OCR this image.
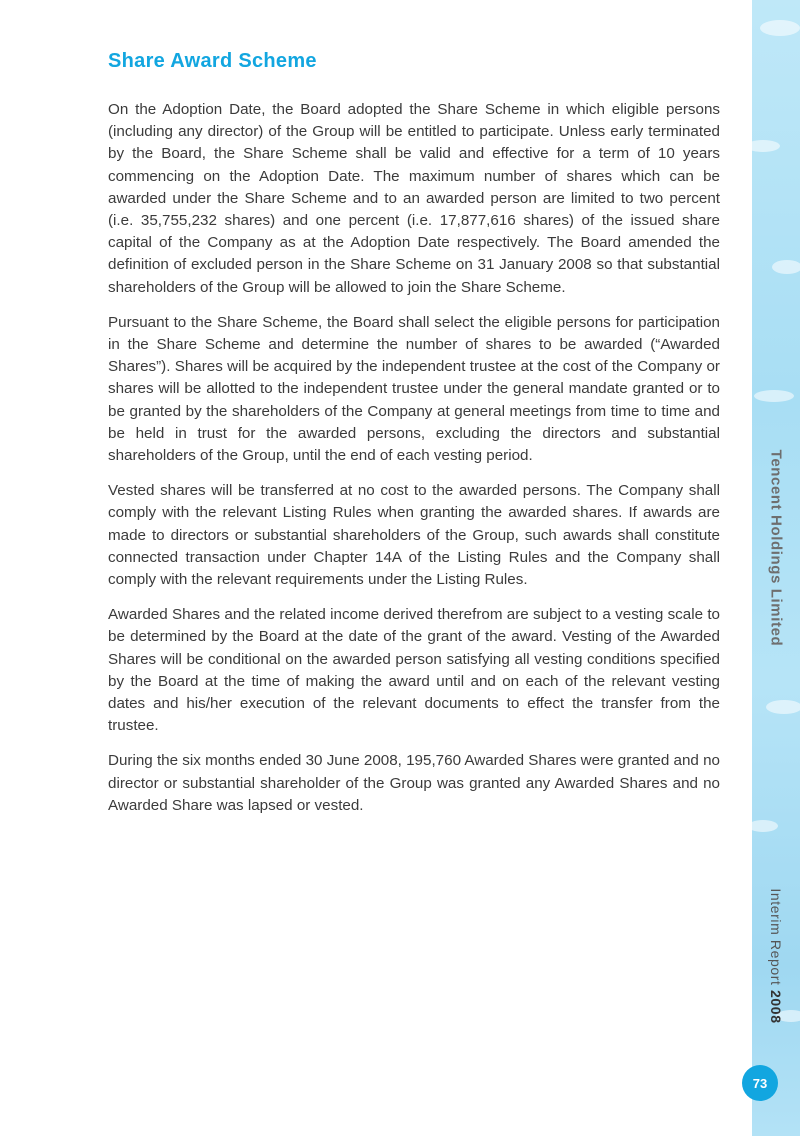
Share Award Scheme

On the Adoption Date, the Board adopted the Share Scheme in which eligible persons (including any director) of the Group will be entitled to participate. Unless early terminated by the Board, the Share Scheme shall be valid and effective for a term of 10 years commencing on the Adoption Date. The maximum number of shares which can be awarded under the Share Scheme and to an awarded person are limited to two percent (i.e. 35,755,232 shares) and one percent (i.e. 17,877,616 shares) of the issued share capital of the Company as at the Adoption Date respectively. The Board amended the definition of excluded person in the Share Scheme on 31 January 2008 so that substantial shareholders of the Group will be allowed to join the Share Scheme.

Pursuant to the Share Scheme, the Board shall select the eligible persons for participation in the Share Scheme and determine the number of shares to be awarded (“Awarded Shares”). Shares will be acquired by the independent trustee at the cost of the Company or shares will be allotted to the independent trustee under the general mandate granted or to be granted by the shareholders of the Company at general meetings from time to time and be held in trust for the awarded persons, excluding the directors and substantial shareholders of the Group, until the end of each vesting period.

Vested shares will be transferred at no cost to the awarded persons. The Company shall comply with the relevant Listing Rules when granting the awarded shares. If awards are made to directors or substantial shareholders of the Group, such awards shall constitute connected transaction under Chapter 14A of the Listing Rules and the Company shall comply with the relevant requirements under the Listing Rules.

Awarded Shares and the related income derived therefrom are subject to a vesting scale to be determined by the Board at the date of the grant of the award. Vesting of the Awarded Shares will be conditional on the awarded person satisfying all vesting conditions specified by the Board at the time of making the award until and on each of the relevant vesting dates and his/her execution of the relevant documents to effect the transfer from the trustee.

During the six months ended 30 June 2008, 195,760 Awarded Shares were granted and no director or substantial shareholder of the Group was granted any Awarded Shares and no Awarded Share was lapsed or vested.

Tencent Holdings Limited
Interim Report 2008
73
